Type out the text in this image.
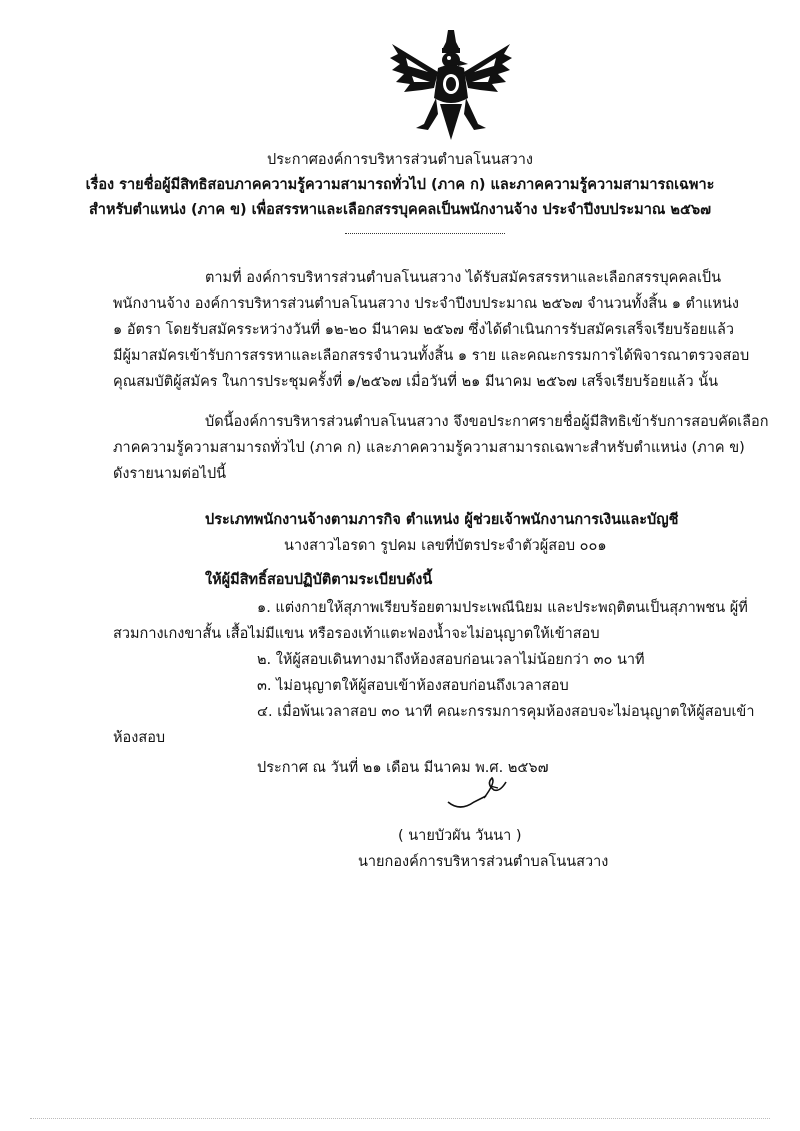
ประกาศองค์การบริหารส่วนตำบลโนนสวาง
เรื่อง รายชื่อผู้มีสิทธิสอบภาคความรู้ความสามารถทั่วไป (ภาค ก) และภาคความรู้ความสามารถเฉพาะ
สำหรับตำแหน่ง (ภาค ข) เพื่อสรรหาและเลือกสรรบุคคลเป็นพนักงานจ้าง ประจำปีงบประมาณ ๒๕๖๗
ตามที่ องค์การบริหารส่วนตำบลโนนสวาง ได้รับสมัครสรรหาและเลือกสรรบุคคลเป็น
พนักงานจ้าง องค์การบริหารส่วนตำบลโนนสวาง ประจำปีงบประมาณ ๒๕๖๗ จำนวนทั้งสิ้น ๑ ตำแหน่ง
๑ อัตรา โดยรับสมัครระหว่างวันที่ ๑๒-๒๐ มีนาคม ๒๕๖๗ ซึ่งได้ดำเนินการรับสมัครเสร็จเรียบร้อยแล้ว
มีผู้มาสมัครเข้ารับการสรรหาและเลือกสรรจำนวนทั้งสิ้น ๑ ราย และคณะกรรมการได้พิจารณาตรวจสอบ
คุณสมบัติผู้สมัคร ในการประชุมครั้งที่ ๑/๒๕๖๗ เมื่อวันที่ ๒๑ มีนาคม ๒๕๖๗ เสร็จเรียบร้อยแล้ว นั้น
บัดนี้องค์การบริหารส่วนตำบลโนนสวาง จึงขอประกาศรายชื่อผู้มีสิทธิเข้ารับการสอบคัดเลือก
ภาคความรู้ความสามารถทั่วไป (ภาค ก) และภาคความรู้ความสามารถเฉพาะสำหรับตำแหน่ง (ภาค ข)
ดังรายนามต่อไปนี้
ประเภทพนักงานจ้างตามภารกิจ ตำแหน่ง ผู้ช่วยเจ้าพนักงานการเงินและบัญชี
นางสาวไอรดา รูปคม เลขที่บัตรประจำตัวผู้สอบ ๐๐๑
ให้ผู้มีสิทธิ์สอบปฏิบัติตามระเบียบดังนี้
๑. แต่งกายให้สุภาพเรียบร้อยตามประเพณีนิยม และประพฤติตนเป็นสุภาพชน ผู้ที่
สวมกางเกงขาสั้น เสื้อไม่มีแขน หรือรองเท้าแตะฟองน้ำจะไม่อนุญาตให้เข้าสอบ
๒. ให้ผู้สอบเดินทางมาถึงห้องสอบก่อนเวลาไม่น้อยกว่า ๓๐ นาที
๓. ไม่อนุญาตให้ผู้สอบเข้าห้องสอบก่อนถึงเวลาสอบ
๔. เมื่อพ้นเวลาสอบ ๓๐ นาที คณะกรรมการคุมห้องสอบจะไม่อนุญาตให้ผู้สอบเข้า
ห้องสอบ
ประกาศ ณ วันที่ ๒๑ เดือน มีนาคม พ.ศ. ๒๕๖๗
( นายบัวผัน วันนา )
นายกองค์การบริหารส่วนตำบลโนนสวาง
